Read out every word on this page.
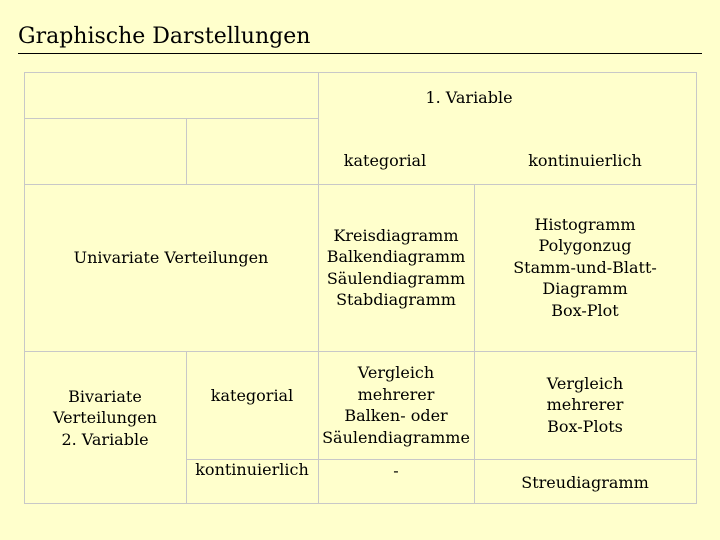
Graphische Darstellungen
1. Variable
kategorial	kontinuierlich
Univariate Verteilungen
Kreisdiagramm
Balkendiagramm
Säulendiagramm
Stabdiagramm
Histogramm
Polygonzug
Stamm-und-Blatt-Diagramm
Box-Plot
Bivariate
Verteilungen
2. Variable
kategorial
Vergleich
mehrerer
Balken- oder
Säulendiagramme
Vergleich
mehrerer
Box-Plots
kontinuierlich	-
Streudiagramm
